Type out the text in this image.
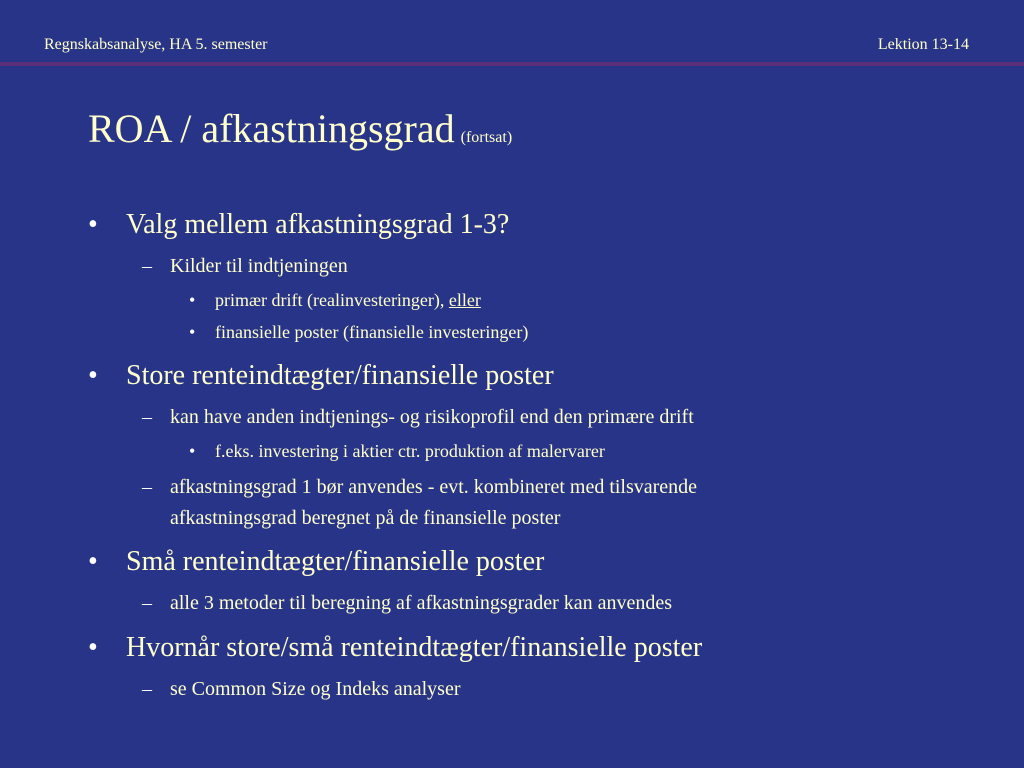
Regnskabsanalyse, HA 5. semester	Lektion 13-14
ROA / afkastningsgrad (fortsat)
• Valg mellem afkastningsgrad 1-3?
– Kilder til indtjeningen
• primær drift (realinvesteringer), eller
• finansielle poster (finansielle investeringer)
• Store renteindtægter/finansielle poster
– kan have anden indtjenings- og risikoprofil end den primære drift
• f.eks. investering i aktier ctr. produktion af malervarer
– afkastningsgrad 1 bør anvendes - evt. kombineret med tilsvarende
afkastningsgrad beregnet på de finansielle poster
• Små renteindtægter/finansielle poster
– alle 3 metoder til beregning af afkastningsgrader kan anvendes
• Hvornår store/små renteindtægter/finansielle poster
– se Common Size og Indeks analyser
